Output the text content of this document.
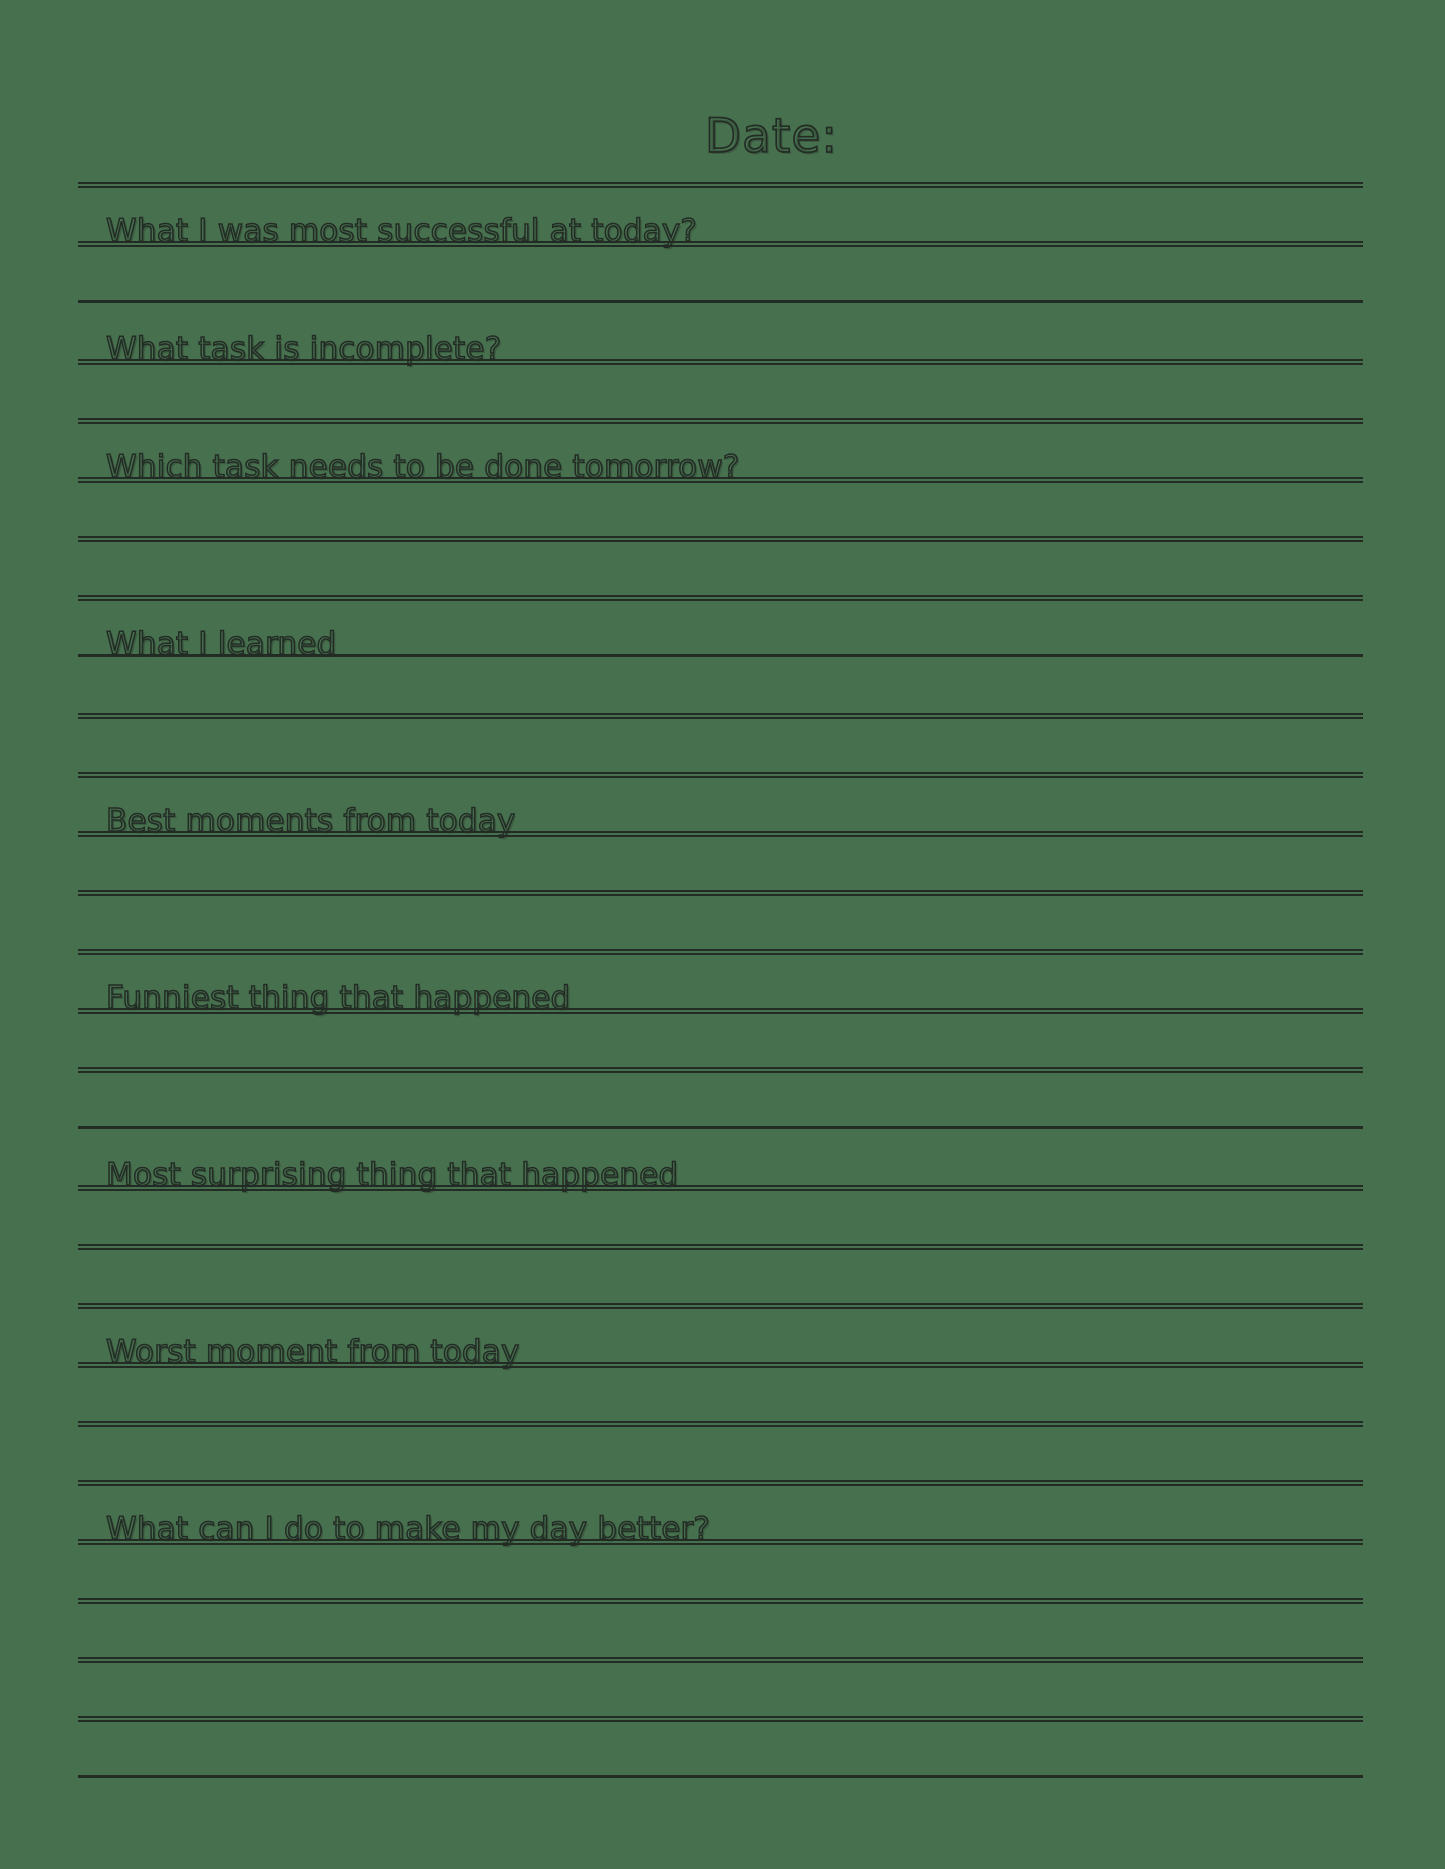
Date:
What I was most successful at today?
What task is incomplete?
Which task needs to be done tomorrow?
What I learned
Best moments from today
Funniest thing that happened
Most surprising thing that happened
Worst moment from today
What can I do to make my day better?
